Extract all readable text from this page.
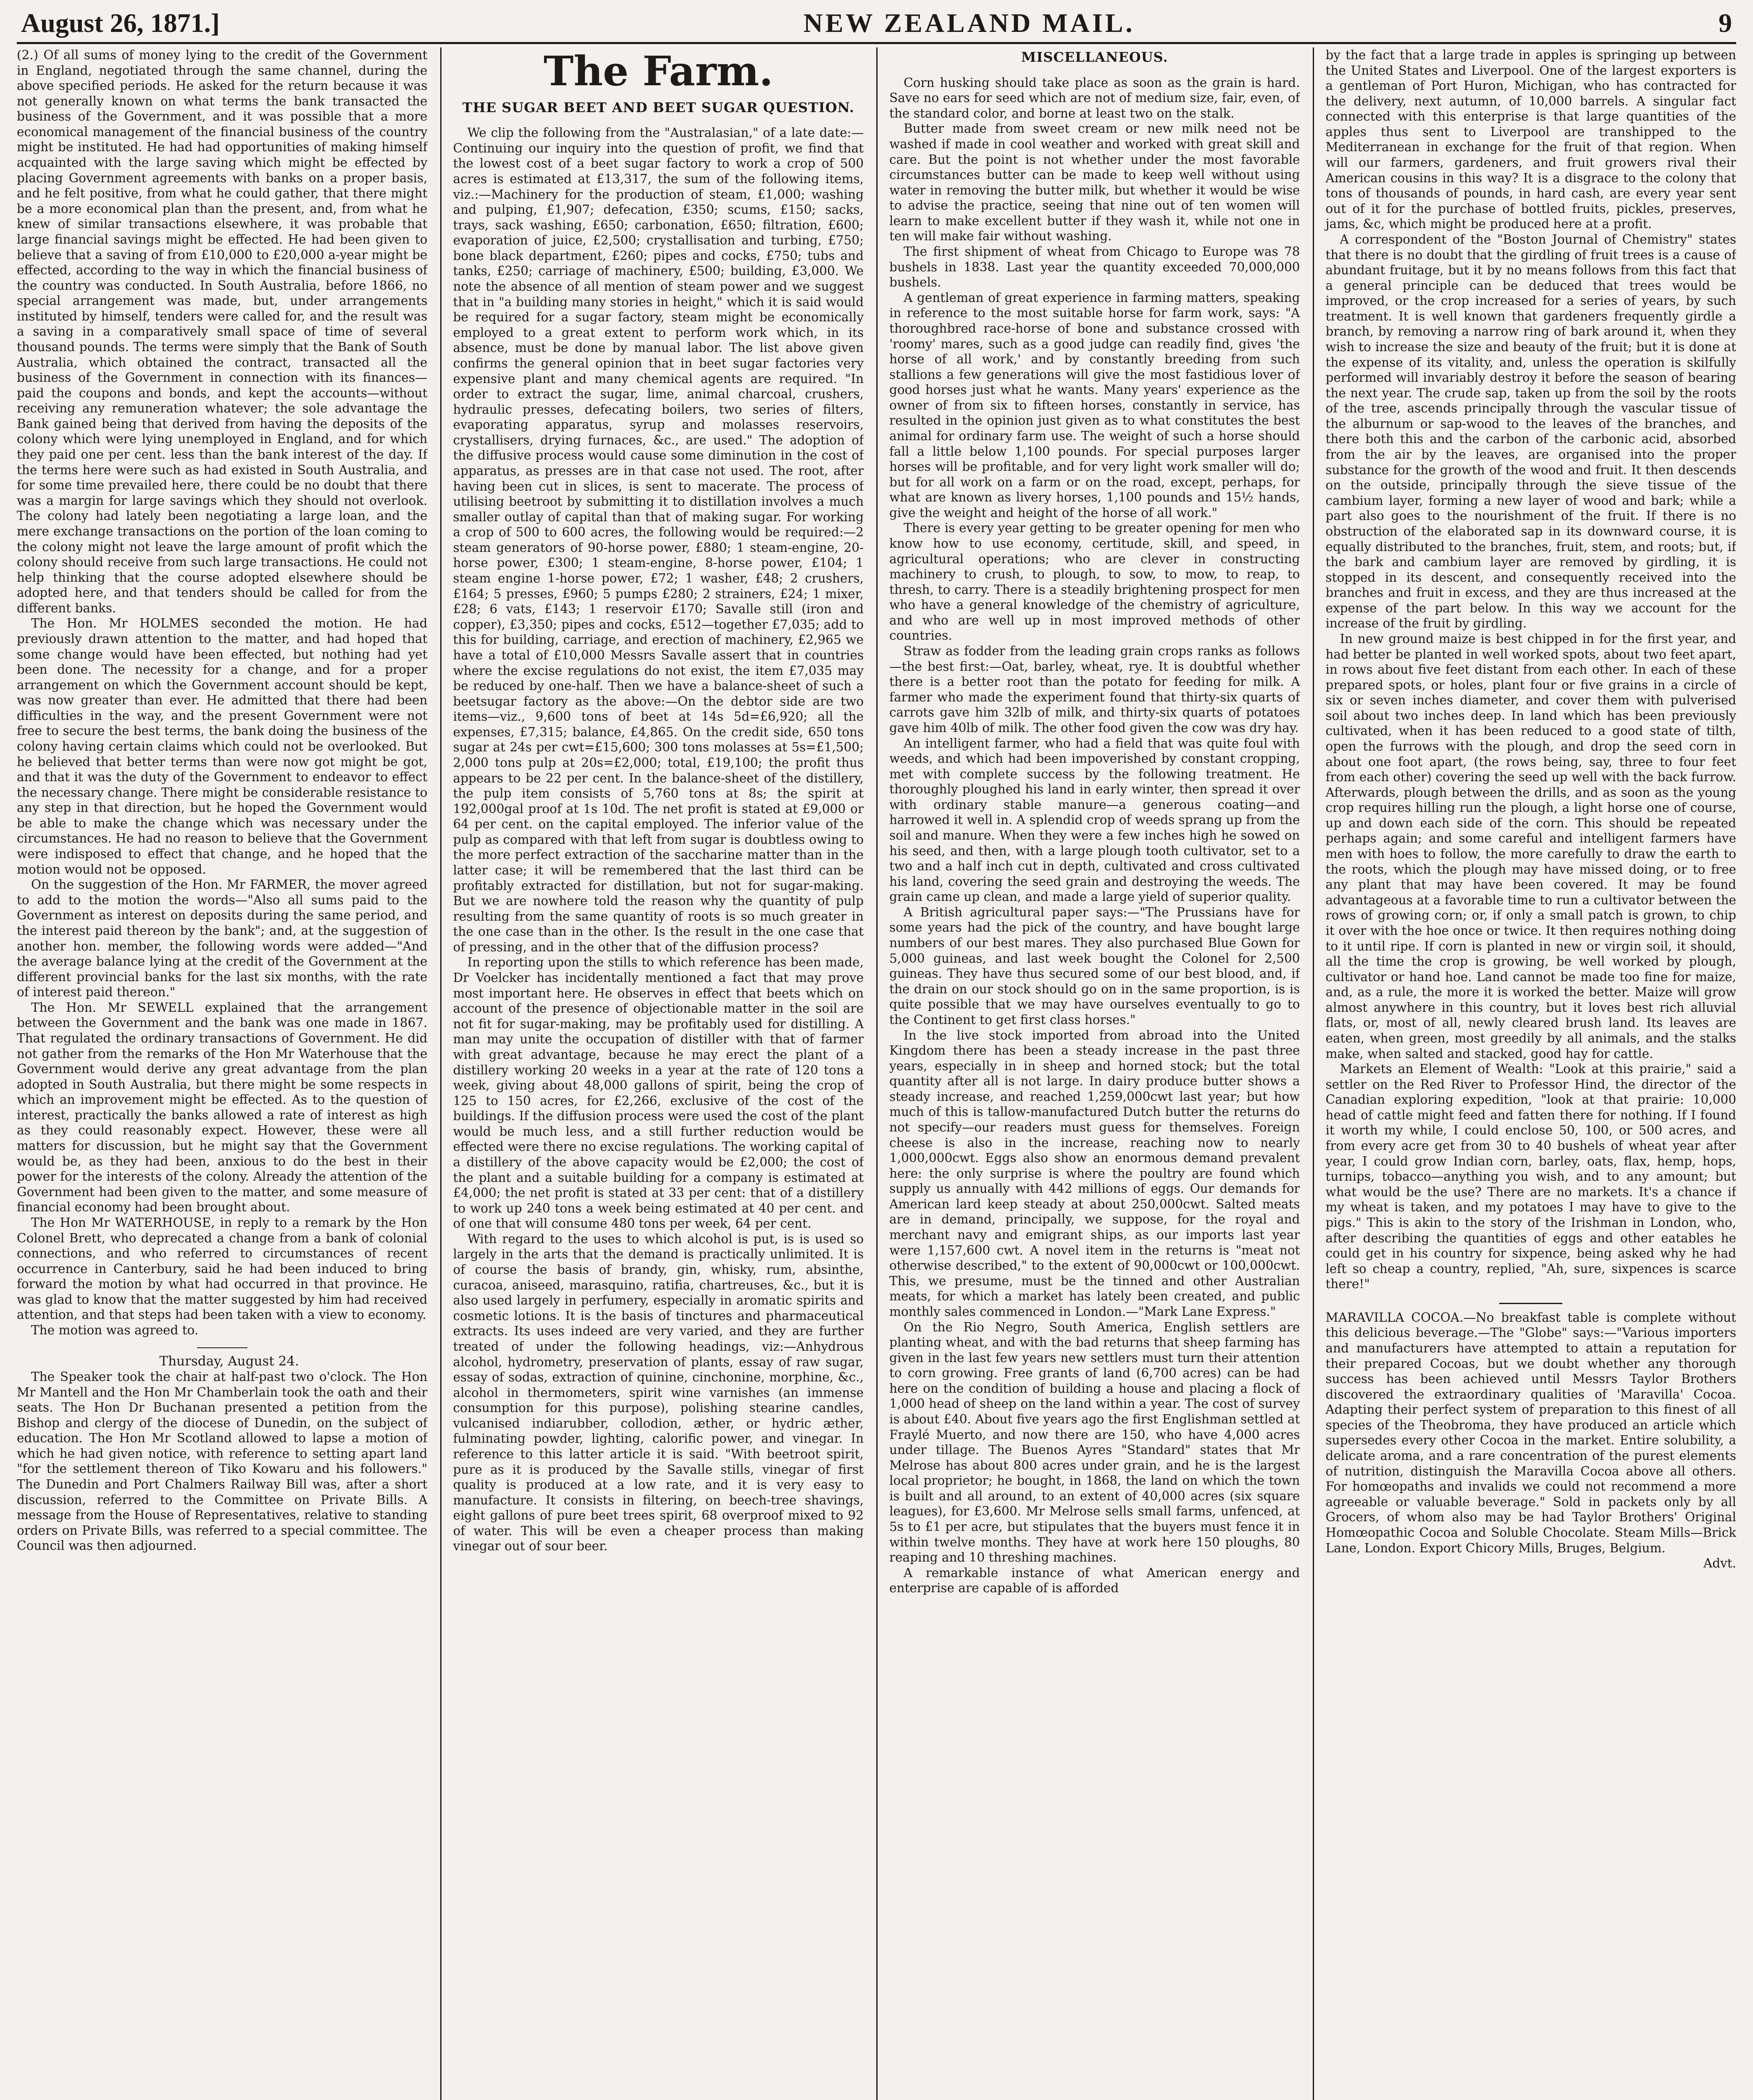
August 26, 1871.]	NEW ZEALAND MAIL.	9

(2.) Of all sums of money lying to the credit of the Government in England, negotiated through the same channel, during the above specified periods. He asked for the return because it was not generally known on what terms the bank transacted the business of the Government, and it was possible that a more economical management of the financial business of the country might be instituted. He had had opportunities of making himself acquainted with the large saving which might be effected by placing Government agreements with banks on a proper basis, and he felt positive, from what he could gather, that there might be a more economical plan than the present, and, from what he knew of similar transactions elsewhere, it was probable that large financial savings might be effected. He had been given to believe that a saving of from £10,000 to £20,000 a-year might be effected, according to the way in which the financial business of the country was conducted. In South Australia, before 1866, no special arrangement was made, but, under arrangements instituted by himself, tenders were called for, and the result was a saving in a comparatively small space of time of several thousand pounds. The terms were simply that the Bank of South Australia, which obtained the contract, transacted all the business of the Government in connection with its finances—paid the coupons and bonds, and kept the accounts—without receiving any remuneration whatever; the sole advantage the Bank gained being that derived from having the deposits of the colony which were lying unemployed in England, and for which they paid one per cent. less than the bank interest of the day. If the terms here were such as had existed in South Australia, and for some time prevailed here, there could be no doubt that there was a margin for large savings which they should not overlook. The colony had lately been negotiating a large loan, and the mere exchange transactions on the portion of the loan coming to the colony might not leave the large amount of profit which the colony should receive from such large transactions. He could not help thinking that the course adopted elsewhere should be adopted here, and that tenders should be called for from the different banks.

The Hon. Mr HOLMES seconded the motion. He had previously drawn attention to the matter, and had hoped that some change would have been effected, but nothing had yet been done. The necessity for a change, and for a proper arrangement on which the Government account should be kept, was now greater than ever. He admitted that there had been difficulties in the way, and the present Government were not free to secure the best terms, the bank doing the business of the colony having certain claims which could not be overlooked. But he believed that better terms than were now got might be got, and that it was the duty of the Government to endeavor to effect the necessary change. There might be considerable resistance to any step in that direction, but he hoped the Government would be able to make the change which was necessary under the circumstances. He had no reason to believe that the Government were indisposed to effect that change, and he hoped that the motion would not be opposed.

On the suggestion of the Hon. Mr FARMER, the mover agreed to add to the motion the words—"Also all sums paid to the Government as interest on deposits during the same period, and the interest paid thereon by the bank"; and, at the suggestion of another hon. member, the following words were added—"And the average balance lying at the credit of the Government at the different provincial banks for the last six months, with the rate of interest paid thereon."

The Hon. Mr SEWELL explained that the arrangement between the Government and the bank was one made in 1867. That regulated the ordinary transactions of Government. He did not gather from the remarks of the Hon Mr Waterhouse that the Government would derive any great advantage from the plan adopted in South Australia, but there might be some respects in which an improvement might be effected. As to the question of interest, practically the banks allowed a rate of interest as high as they could reasonably expect. However, these were all matters for discussion, but he might say that the Government would be, as they had been, anxious to do the best in their power for the interests of the colony. Already the attention of the Government had been given to the matter, and some measure of financial economy had been brought about.

The Hon Mr WATERHOUSE, in reply to a remark by the Hon Colonel Brett, who deprecated a change from a bank of colonial connections, and who referred to circumstances of recent occurrence in Canterbury, said he had been induced to bring forward the motion by what had occurred in that province. He was glad to know that the matter suggested by him had received attention, and that steps had been taken with a view to economy.

The motion was agreed to.

Thursday, August 24.

The Speaker took the chair at half-past two o'clock. The Hon Mr Mantell and the Hon Mr Chamberlain took the oath and their seats. The Hon Dr Buchanan presented a petition from the Bishop and clergy of the diocese of Dunedin, on the subject of education. The Hon Mr Scotland allowed to lapse a motion of which he had given notice, with reference to setting apart land "for the settlement thereon of Tiko Kowaru and his followers." The Dunedin and Port Chalmers Railway Bill was, after a short discussion, referred to the Committee on Private Bills. A message from the House of Representatives, relative to standing orders on Private Bills, was referred to a special committee. The Council was then adjourned.

The Farm.
THE SUGAR BEET AND BEET SUGAR QUESTION.

We clip the following from the "Australasian," of a late date:—Continuing our inquiry into the question of profit, we find that the lowest cost of a beet sugar factory to work a crop of 500 acres is estimated at £13,317, the sum of the following items, viz.:—Machinery for the production of steam, £1,000; washing and pulping, £1,907; defecation, £350; scums, £150; sacks, trays, sack washing, £650; carbonation, £650; filtration, £600; evaporation of juice, £2,500; crystallisation and turbing, £750; bone black department, £260; pipes and cocks, £750; tubs and tanks, £250; carriage of machinery, £500; building, £3,000. We note the absence of all mention of steam power and we suggest that in "a building many stories in height," which it is said would be required for a sugar factory, steam might be economically employed to a great extent to perform work which, in its absence, must be done by manual labor. The list above given confirms the general opinion that in beet sugar factories very expensive plant and many chemical agents are required. "In order to extract the sugar, lime, animal charcoal, crushers, hydraulic presses, defecating boilers, two series of filters, evaporating apparatus, syrup and molasses reservoirs, crystallisers, drying furnaces, &c., are used." The adoption of the diffusive process would cause some diminution in the cost of apparatus, as presses are in that case not used. The root, after having been cut in slices, is sent to macerate. The process of utilising beetroot by submitting it to distillation involves a much smaller outlay of capital than that of making sugar. For working a crop of 500 to 600 acres, the following would be required:—2 steam generators of 90-horse power, £880; 1 steam-engine, 20-horse power, £300; 1 steam-engine, 8-horse power, £104; 1 steam engine 1-horse power, £72; 1 washer, £48; 2 crushers, £164; 5 presses, £960; 5 pumps £280; 2 strainers, £24; 1 mixer, £28; 6 vats, £143; 1 reservoir £170; Savalle still (iron and copper), £3,350; pipes and cocks, £512—together £7,035; add to this for building, carriage, and erection of machinery, £2,965 we have a total of £10,000 Messrs Savalle assert that in countries where the excise regulations do not exist, the item £7,035 may be reduced by one-half. Then we have a balance-sheet of such a beetsugar factory as the above:—On the debtor side are two items—viz., 9,600 tons of beet at 14s 5d=£6,920; all the expenses, £7,315; balance, £4,865. On the credit side, 650 tons sugar at 24s per cwt=£15,600; 300 tons molasses at 5s=£1,500; 2,000 tons pulp at 20s=£2,000; total, £19,100; the profit thus appears to be 22 per cent. In the balance-sheet of the distillery, the pulp item consists of 5,760 tons at 8s; the spirit at 192,000gal proof at 1s 10d. The net profit is stated at £9,000 or 64 per cent. on the capital employed. The inferior value of the pulp as compared with that left from sugar is doubtless owing to the more perfect extraction of the saccharine matter than in the latter case; it will be remembered that the last third can be profitably extracted for distillation, but not for sugar-making. But we are nowhere told the reason why the quantity of pulp resulting from the same quantity of roots is so much greater in the one case than in the other. Is the result in the one case that of pressing, and in the other that of the diffusion process?

In reporting upon the stills to which reference has been made, Dr Voelcker has incidentally mentioned a fact that may prove most important here. He observes in effect that beets which on account of the presence of objectionable matter in the soil are not fit for sugar-making, may be profitably used for distilling. A man may unite the occupation of distiller with that of farmer with great advantage, because he may erect the plant of a distillery working 20 weeks in a year at the rate of 120 tons a week, giving about 48,000 gallons of spirit, being the crop of 125 to 150 acres, for £2,266, exclusive of the cost of the buildings. If the diffusion process were used the cost of the plant would be much less, and a still further reduction would be effected were there no excise regulations. The working capital of a distillery of the above capacity would be £2,000; the cost of the plant and a suitable building for a company is estimated at £4,000; the net profit is stated at 33 per cent: that of a distillery to work up 240 tons a week being estimated at 40 per cent. and of one that will consume 480 tons per week, 64 per cent.

With regard to the uses to which alcohol is put, is is used so largely in the arts that the demand is practically unlimited. It is of course the basis of brandy, gin, whisky, rum, absinthe, curacoa, aniseed, marasquino, ratifia, chartreuses, &c., but it is also used largely in perfumery, especially in aromatic spirits and cosmetic lotions. It is the basis of tinctures and pharmaceutical extracts. Its uses indeed are very varied, and they are further treated of under the following headings, viz:—Anhydrous alcohol, hydrometry, preservation of plants, essay of raw sugar, essay of sodas, extraction of quinine, cinchonine, morphine, &c., alcohol in thermometers, spirit wine varnishes (an immense consumption for this purpose), polishing stearine candles, vulcanised indiarubber, collodion, æther, or hydric æther, fulminating powder, lighting, calorific power, and vinegar. In reference to this latter article it is said. "With beetroot spirit, pure as it is produced by the Savalle stills, vinegar of first quality is produced at a low rate, and it is very easy to manufacture. It consists in filtering, on beech-tree shavings, eight gallons of pure beet trees spirit, 68 overproof mixed to 92 of water. This will be even a cheaper process than making vinegar out of sour beer.

MISCELLANEOUS.

Corn husking should take place as soon as the grain is hard. Save no ears for seed which are not of medium size, fair, even, of the standard color, and borne at least two on the stalk.

Butter made from sweet cream or new milk need not be washed if made in cool weather and worked with great skill and care. But the point is not whether under the most favorable circumstances butter can be made to keep well without using water in removing the butter milk, but whether it would be wise to advise the practice, seeing that nine out of ten women will learn to make excellent butter if they wash it, while not one in ten will make fair without washing.

The first shipment of wheat from Chicago to Europe was 78 bushels in 1838. Last year the quantity exceeded 70,000,000 bushels.

A gentleman of great experience in farming matters, speaking in reference to the most suitable horse for farm work, says: "A thoroughbred race-horse of bone and substance crossed with 'roomy' mares, such as a good judge can readily find, gives 'the horse of all work,' and by constantly breeding from such stallions a few generations will give the most fastidious lover of good horses just what he wants. Many years' experience as the owner of from six to fifteen horses, constantly in service, has resulted in the opinion just given as to what constitutes the best animal for ordinary farm use. The weight of such a horse should fall a little below 1,100 pounds. For special purposes larger horses will be profitable, and for very light work smaller will do; but for all work on a farm or on the road, except, perhaps, for what are known as livery horses, 1,100 pounds and 15½ hands, give the weight and height of the horse of all work."

There is every year getting to be greater opening for men who know how to use economy, certitude, skill, and speed, in agricultural operations; who are clever in constructing machinery to crush, to plough, to sow, to mow, to reap, to thresh, to carry. There is a steadily brightening prospect for men who have a general knowledge of the chemistry of agriculture, and who are well up in most improved methods of other countries.

Straw as fodder from the leading grain crops ranks as follows—the best first:—Oat, barley, wheat, rye. It is doubtful whether there is a better root than the potato for feeding for milk. A farmer who made the experiment found that thirty-six quarts of carrots gave him 32lb of milk, and thirty-six quarts of potatoes gave him 40lb of milk. The other food given the cow was dry hay.

An intelligent farmer, who had a field that was quite foul with weeds, and which had been impoverished by constant cropping, met with complete success by the following treatment. He thoroughly ploughed his land in early winter, then spread it over with ordinary stable manure—a generous coating—and harrowed it well in. A splendid crop of weeds sprang up from the soil and manure. When they were a few inches high he sowed on his seed, and then, with a large plough tooth cultivator, set to a two and a half inch cut in depth, cultivated and cross cultivated his land, covering the seed grain and destroying the weeds. The grain came up clean, and made a large yield of superior quality.

A British agricultural paper says:—"The Prussians have for some years had the pick of the country, and have bought large numbers of our best mares. They also purchased Blue Gown for 5,000 guineas, and last week bought the Colonel for 2,500 guineas. They have thus secured some of our best blood, and, if the drain on our stock should go on in the same proportion, is is quite possible that we may have ourselves eventually to go to the Continent to get first class horses."

In the live stock imported from abroad into the United Kingdom there has been a steady increase in the past three years, especially in in sheep and horned stock; but the total quantity after all is not large. In dairy produce butter shows a steady increase, and reached 1,259,000cwt last year; but how much of this is tallow-manufactured Dutch butter the returns do not specify—our readers must guess for themselves. Foreign cheese is also in the increase, reaching now to nearly 1,000,000cwt. Eggs also show an enormous demand prevalent here: the only surprise is where the poultry are found which supply us annually with 442 millions of eggs. Our demands for American lard keep steady at about 250,000cwt. Salted meats are in demand, principally, we suppose, for the royal and merchant navy and emigrant ships, as our imports last year were 1,157,600 cwt. A novel item in the returns is "meat not otherwise described," to the extent of 90,000cwt or 100,000cwt. This, we presume, must be the tinned and other Australian meats, for which a market has lately been created, and public monthly sales commenced in London.—"Mark Lane Express."

On the Rio Negro, South America, English settlers are planting wheat, and with the bad returns that sheep farming has given in the last few years new settlers must turn their attention to corn growing. Free grants of land (6,700 acres) can be had here on the condition of building a house and placing a flock of 1,000 head of sheep on the land within a year. The cost of survey is about £40. About five years ago the first Englishman settled at Fraylé Muerto, and now there are 150, who have 4,000 acres under tillage. The Buenos Ayres "Standard" states that Mr Melrose has about 800 acres under grain, and he is the largest local proprietor; he bought, in 1868, the land on which the town is built and all around, to an extent of 40,000 acres (six square leagues), for £3,600. Mr Melrose sells small farms, unfenced, at 5s to £1 per acre, but stipulates that the buyers must fence it in within twelve months. They have at work here 150 ploughs, 80 reaping and 10 threshing machines.

A remarkable instance of what American energy and enterprise are capable of is afforded

by the fact that a large trade in apples is springing up between the United States and Liverpool. One of the largest exporters is a gentleman of Port Huron, Michigan, who has contracted for the delivery, next autumn, of 10,000 barrels. A singular fact connected with this enterprise is that large quantities of the apples thus sent to Liverpool are transhipped to the Mediterranean in exchange for the fruit of that region. When will our farmers, gardeners, and fruit growers rival their American cousins in this way? It is a disgrace to the colony that tons of thousands of pounds, in hard cash, are every year sent out of it for the purchase of bottled fruits, pickles, preserves, jams, &c, which might be produced here at a profit.

A correspondent of the "Boston Journal of Chemistry" states that there is no doubt that the girdling of fruit trees is a cause of abundant fruitage, but it by no means follows from this fact that a general principle can be deduced that trees would be improved, or the crop increased for a series of years, by such treatment. It is well known that gardeners frequently girdle a branch, by removing a narrow ring of bark around it, when they wish to increase the size and beauty of the fruit; but it is done at the expense of its vitality, and, unless the operation is skilfully performed will invariably destroy it before the season of bearing the next year. The crude sap, taken up from the soil by the roots of the tree, ascends principally through the vascular tissue of the alburnum or sap-wood to the leaves of the branches, and there both this and the carbon of the carbonic acid, absorbed from the air by the leaves, are organised into the proper substance for the growth of the wood and fruit. It then descends on the outside, principally through the sieve tissue of the cambium layer, forming a new layer of wood and bark; while a part also goes to the nourishment of the fruit. If there is no obstruction of the elaborated sap in its downward course, it is equally distributed to the branches, fruit, stem, and roots; but, if the bark and cambium layer are removed by girdling, it is stopped in its descent, and consequently received into the branches and fruit in excess, and they are thus increased at the expense of the part below. In this way we account for the increase of the fruit by girdling.

In new ground maize is best chipped in for the first year, and had better be planted in well worked spots, about two feet apart, in rows about five feet distant from each other. In each of these prepared spots, or holes, plant four or five grains in a circle of six or seven inches diameter, and cover them with pulverised soil about two inches deep. In land which has been previously cultivated, when it has been reduced to a good state of tilth, open the furrows with the plough, and drop the seed corn in about one foot apart, (the rows being, say, three to four feet from each other) covering the seed up well with the back furrow. Afterwards, plough between the drills, and as soon as the young crop requires hilling run the plough, a light horse one of course, up and down each side of the corn. This should be repeated perhaps again; and some careful and intelligent farmers have men with hoes to follow, the more carefully to draw the earth to the roots, which the plough may have missed doing, or to free any plant that may have been covered. It may be found advantageous at a favorable time to run a cultivator between the rows of growing corn; or, if only a small patch is grown, to chip it over with the hoe once or twice. It then requires nothing doing to it until ripe. If corn is planted in new or virgin soil, it should, all the time the crop is growing, be well worked by plough, cultivator or hand hoe. Land cannot be made too fine for maize, and, as a rule, the more it is worked the better. Maize will grow almost anywhere in this country, but it loves best rich alluvial flats, or, most of all, newly cleared brush land. Its leaves are eaten, when green, most greedily by all animals, and the stalks make, when salted and stacked, good hay for cattle.

Markets an Element of Wealth: "Look at this prairie," said a settler on the Red River to Professor Hind, the director of the Canadian exploring expedition, "look at that prairie: 10,000 head of cattle might feed and fatten there for nothing. If I found it worth my while, I could enclose 50, 100, or 500 acres, and from every acre get from 30 to 40 bushels of wheat year after year, I could grow Indian corn, barley, oats, flax, hemp, hops, turnips, tobacco—anything you wish, and to any amount; but what would be the use? There are no markets. It's a chance if my wheat is taken, and my potatoes I may have to give to the pigs." This is akin to the story of the Irishman in London, who, after describing the quantities of eggs and other eatables he could get in his country for sixpence, being asked why he had left so cheap a country, replied, "Ah, sure, sixpences is scarce there!"

MARAVILLA COCOA.—No breakfast table is complete without this delicious beverage.—The "Globe" says:—"Various importers and manufacturers have attempted to attain a reputation for their prepared Cocoas, but we doubt whether any thorough success has been achieved until Messrs Taylor Brothers discovered the extraordinary qualities of 'Maravilla' Cocoa. Adapting their perfect system of preparation to this finest of all species of the Theobroma, they have produced an article which supersedes every other Cocoa in the market. Entire solubility, a delicate aroma, and a rare concentration of the purest elements of nutrition, distinguish the Maravilla Cocoa above all others. For homœopaths and invalids we could not recommend a more agreeable or valuable beverage." Sold in packets only by all Grocers, of whom also may be had Taylor Brothers' Original Homœopathic Cocoa and Soluble Chocolate. Steam Mills—Brick Lane, London. Export Chicory Mills, Bruges, Belgium.

Advt.
